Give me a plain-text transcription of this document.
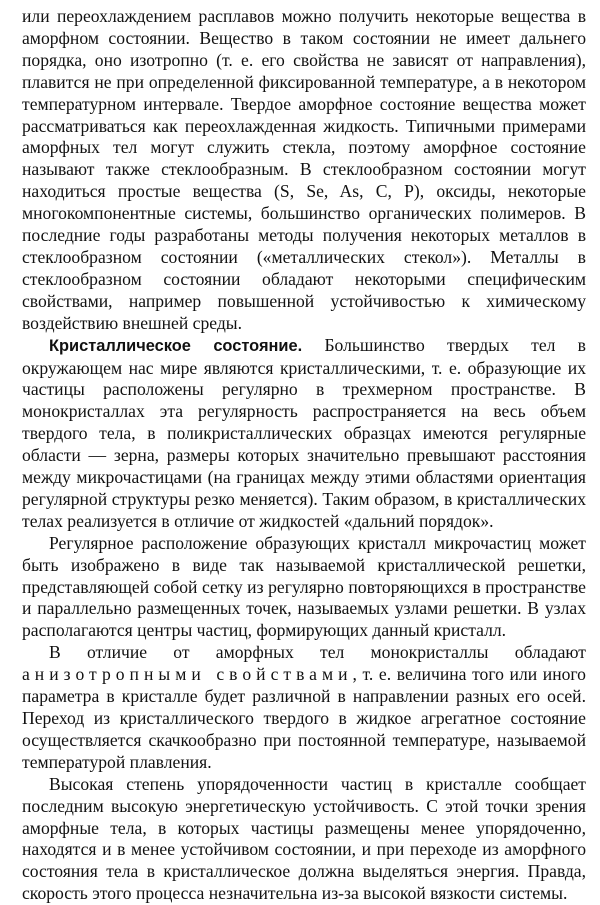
или переохлаждением расплавов можно получить некоторые вещества в аморфном состоянии. Вещество в таком состоянии не имеет дальнего порядка, оно изотропно (т. е. его свойства не зависят от направления), плавится не при определенной фиксированной температуре, а в некотором температурном интервале. Твердое аморфное состояние вещества может рассматриваться как переохлажденная жидкость. Типичными примерами аморфных тел могут служить стекла, поэтому аморфное состояние называют также стеклообразным. В стеклообразном состоянии могут находиться простые вещества (S, Se, As, C, P), оксиды, некоторые многокомпонентные системы, большинство органических полимеров. В последние годы разработаны методы получения некоторых металлов в стеклообразном состоянии («металлических стекол»). Металлы в стеклообразном состоянии обладают некоторыми специфическим свойствами, например повышенной устойчивостью к химическому воздействию внешней среды.

Кристаллическое состояние. Большинство твердых тел в окружающем нас мире являются кристаллическими, т. е. образующие их частицы расположены регулярно в трехмерном пространстве. В монокристаллах эта регулярность распространяется на весь объем твердого тела, в поликристаллических образцах имеются регулярные области — зерна, размеры которых значительно превышают расстояния между микрочастицами (на границах между этими областями ориентация регулярной структуры резко меняется). Таким образом, в кристаллических телах реализуется в отличие от жидкостей «дальний порядок».

Регулярное расположение образующих кристалл микрочастиц может быть изображено в виде так называемой кристаллической решетки, представляющей собой сетку из регулярно повторяющихся в пространстве и параллельно размещенных точек, называемых узлами решетки. В узлах располагаются центры частиц, формирующих данный кристалл.

В отличие от аморфных тел монокристаллы обладают анизотропными свойствами, т. е. величина того или иного параметра в кристалле будет различной в направлении разных его осей. Переход из кристаллического твердого в жидкое агрегатное состояние осуществляется скачкообразно при постоянной температуре, называемой температурой плавления.

Высокая степень упорядоченности частиц в кристалле сообщает последним высокую энергетическую устойчивость. С этой точки зрения аморфные тела, в которых частицы размещены менее упорядоченно, находятся и в менее устойчивом состоянии, и при переходе из аморфного состояния тела в кристаллическое должна выделяться энергия. Правда, скорость этого процесса незначительна из-за высокой вязкости системы.
